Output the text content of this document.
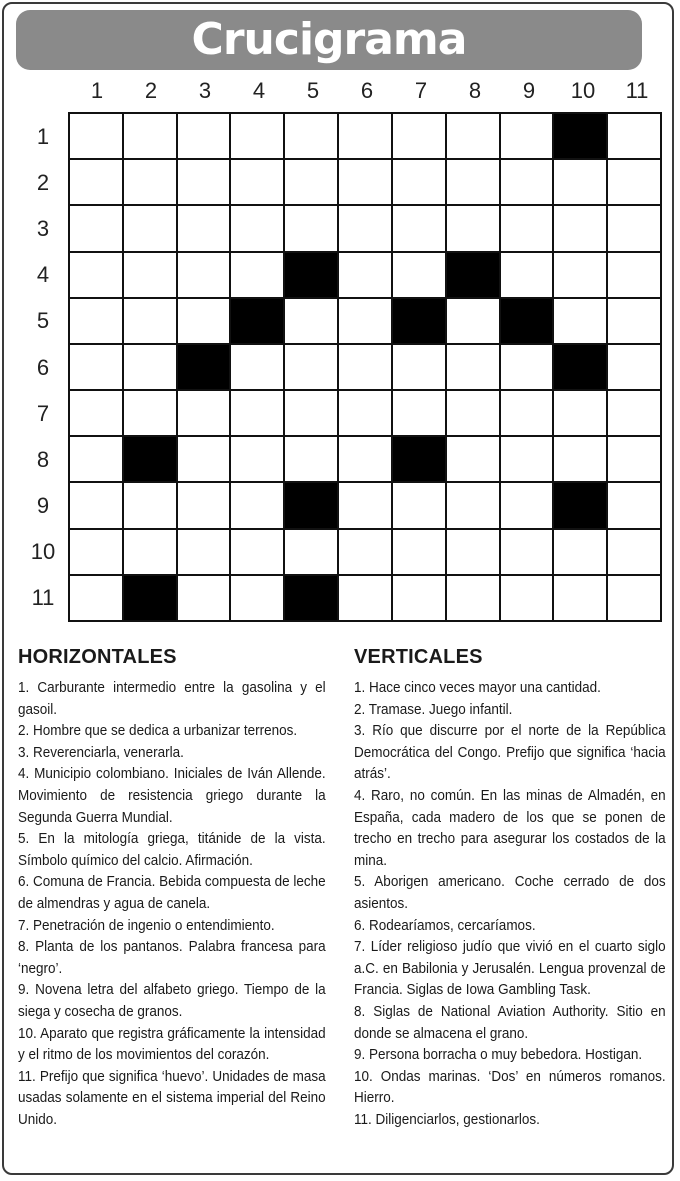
Crucigrama
1	2	3	4	5	6	7	8	9	10	11
1
2
3
4
5
6
7
8
9
10
11
HORIZONTALES

1. Carburante intermedio entre la gasolina y el gasoil.

2. Hombre que se dedica a urbanizar terrenos.

3. Reverenciarla, venerarla.

4. Municipio colombiano. Iniciales de Iván Allende. Movimiento de resistencia griego durante la Segunda Guerra Mundial.

5. En la mitología griega, titánide de la vista. Símbolo químico del calcio. Afirmación.

6. Comuna de Francia. Bebida compuesta de leche de almendras y agua de canela.

7. Penetración de ingenio o entendimiento.

8. Planta de los pantanos. Palabra francesa para ‘negro’.

9. Novena letra del alfabeto griego. Tiempo de la siega y cosecha de granos.

10. Aparato que registra gráficamente la intensidad y el ritmo de los movimientos del corazón.

11. Prefijo que significa ‘huevo’. Unidades de masa usadas solamente en el sistema imperial del Reino Unido.

VERTICALES

1. Hace cinco veces mayor una cantidad.

2. Tramase. Juego infantil.

3. Río que discurre por el norte de la República Democrática del Congo. Prefijo que significa ‘hacia atrás’.

4. Raro, no común. En las minas de Almadén, en España, cada madero de los que se ponen de trecho en trecho para asegurar los costados de la mina.

5. Aborigen americano. Coche cerrado de dos asientos.

6. Rodearíamos, cercaríamos.

7. Líder religioso judío que vivió en el cuarto siglo a.C. en Babilonia y Jerusalén. Lengua provenzal de Francia. Siglas de Iowa Gambling Task.

8. Siglas de National Aviation Authority. Sitio en donde se almacena el grano.

9. Persona borracha o muy bebedora. Hostigan.

10. Ondas marinas. ‘Dos’ en números romanos. Hierro.

11. Diligenciarlos, gestionarlos.
